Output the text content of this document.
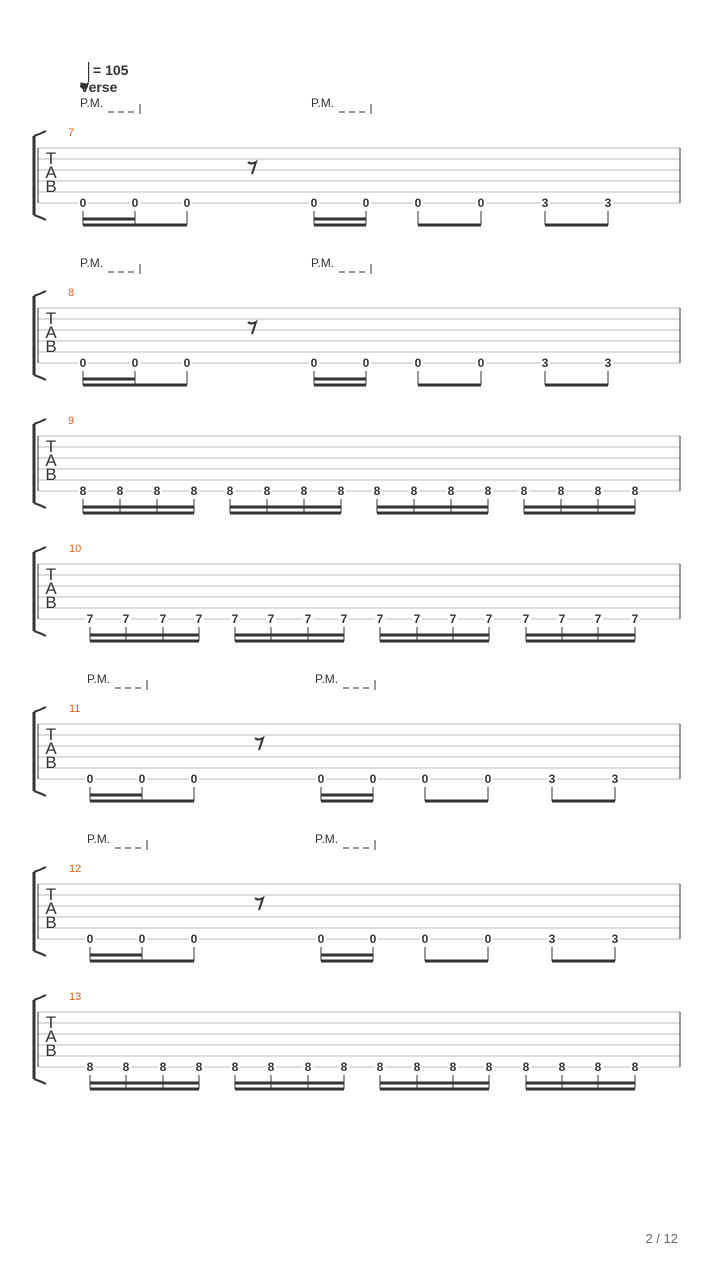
= 105
Verse
T
A
B
7
P.M.	P.M.
0	0	0	0	0	0	0	3	3
T
A
B
8
P.M.	P.M.
0	0	0	0	0	0	0	3	3
T
A
B
9
8	8	8	8 8	8	8	8 8	8	8	8 8	8	8	8
T
A
B
10
7 7	7 7 7 7	7 7 7	7 7 7	7 7 7	7
T
A
B
11
P.M.	P.M.
0	0	0	0	0	0	0	3	3
T
A
B
12
P.M.	P.M.
0	0	0	0	0	0	0	3	3
T
A
B
13
8 8	8 8 8 8	8 8 8	8 8 8	8 8 8	8
2 / 12
